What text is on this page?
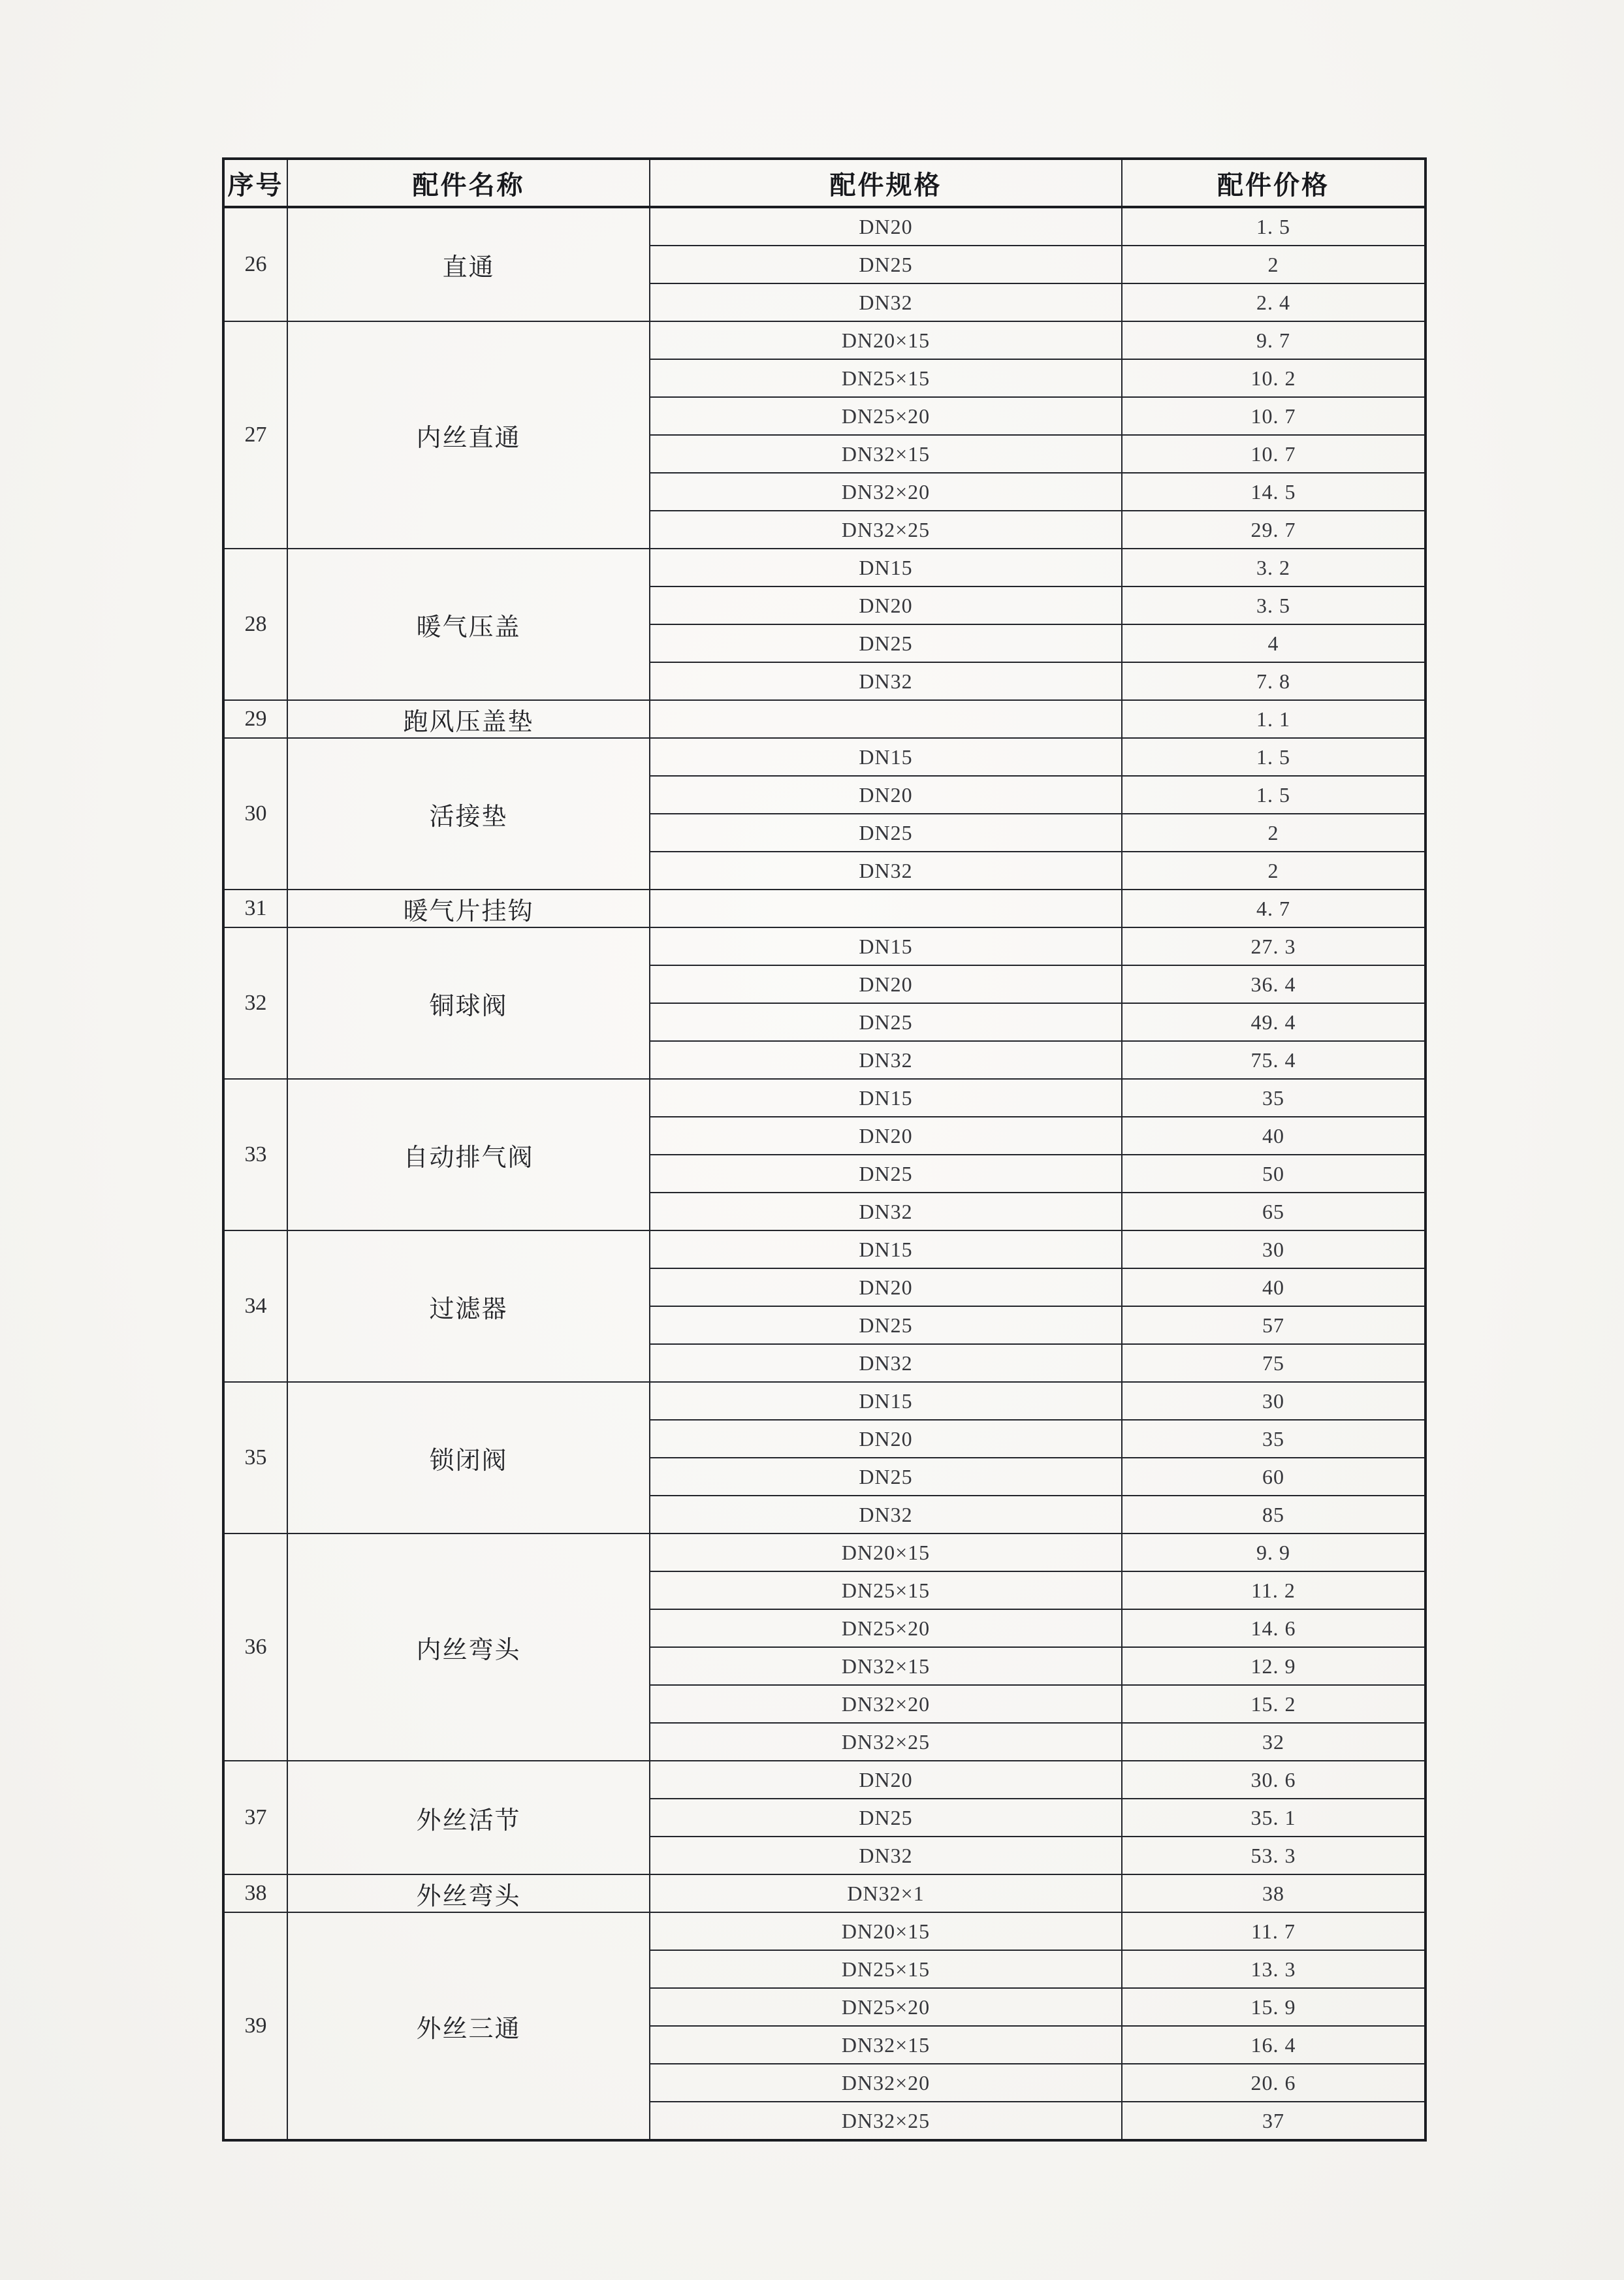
序号	配件名称	配件规格	配件价格
26	直通	DN20	1. 5
		DN25	2
		DN32	2. 4
27	内丝直通	DN20×15	9. 7
		DN25×15	10. 2
		DN25×20	10. 7
		DN32×15	10. 7
		DN32×20	14. 5
		DN32×25	29. 7
28	暖气压盖	DN15	3. 2
		DN20	3. 5
		DN25	4
		DN32	7. 8
29	跑风压盖垫		1. 1
30	活接垫	DN15	1. 5
		DN20	1. 5
		DN25	2
		DN32	2
31	暖气片挂钩		4. 7
32	铜球阀	DN15	27. 3
		DN20	36. 4
		DN25	49. 4
		DN32	75. 4
33	自动排气阀	DN15	35
		DN20	40
		DN25	50
		DN32	65
34	过滤器	DN15	30
		DN20	40
		DN25	57
		DN32	75
35	锁闭阀	DN15	30
		DN20	35
		DN25	60
		DN32	85
36	内丝弯头	DN20×15	9. 9
		DN25×15	11. 2
		DN25×20	14. 6
		DN32×15	12. 9
		DN32×20	15. 2
		DN32×25	32
37	外丝活节	DN20	30. 6
		DN25	35. 1
		DN32	53. 3
38	外丝弯头	DN32×1	38
39	外丝三通	DN20×15	11. 7
		DN25×15	13. 3
		DN25×20	15. 9
		DN32×15	16. 4
		DN32×20	20. 6
		DN32×25	37
